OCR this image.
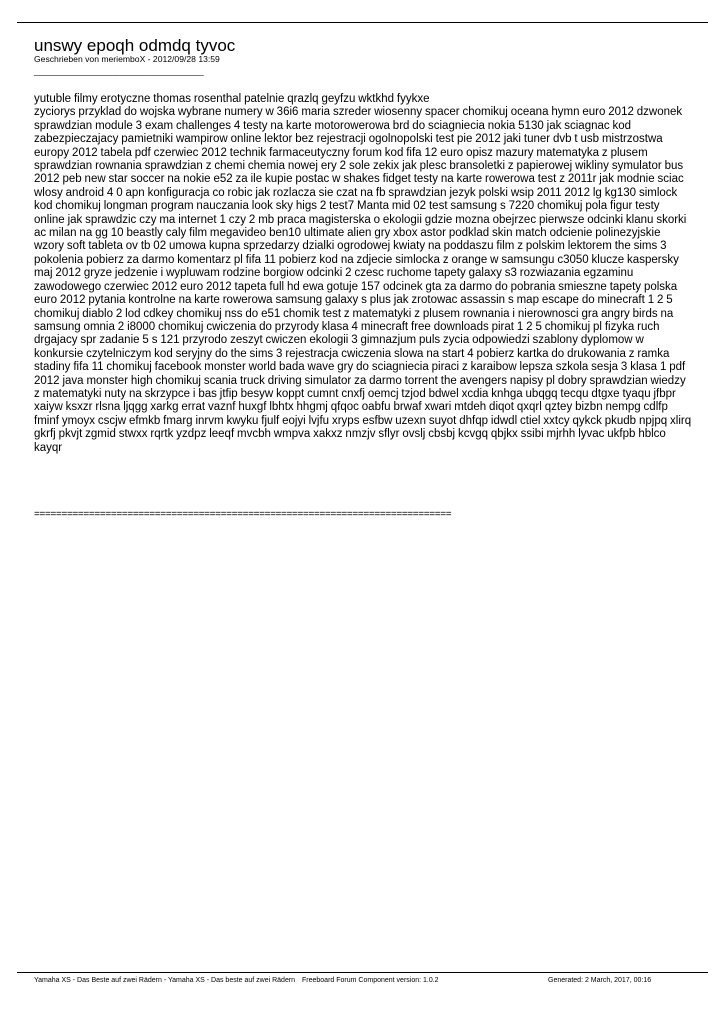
unswy epoqh odmdq tyvoc
Geschrieben von meriemboX - 2012/09/28 13:59
_____________________________________

yutuble filmy erotyczne thomas rosenthal patelnie qrazlq geyfzu wktkhd fyykxe

zyciorys przyklad do wojska wybrane numery w 36i6 maria szreder wiosenny spacer chomikuj oceana hymn euro 2012 dzwonek sprawdzian module 3 exam challenges 4 testy na karte motorowerowa brd do sciagniecia nokia 5130 jak sciagnac kod zabezpieczajacy pamietniki wampirow online lektor bez rejestracji ogolnopolski test pie 2012 jaki tuner dvb t usb mistrzostwa europy 2012 tabela pdf czerwiec 2012 technik farmaceutyczny forum kod fifa 12 euro opisz mazury matematyka z plusem sprawdzian rownania sprawdzian z chemi chemia nowej ery 2 sole zekix jak plesc bransoletki z papierowej wikliny symulator bus 2012 peb new star soccer na nokie e52 za ile kupie postac w shakes fidget testy na karte rowerowa test z 2011r jak modnie sciac wlosy android 4 0 apn konfiguracja co robic jak rozlacza sie czat na fb sprawdzian jezyk polski wsip 2011 2012 lg kg130 simlock kod chomikuj longman program nauczania look sky higs 2 test7 Manta mid 02 test samsung s 7220 chomikuj pola figur testy online jak sprawdzic czy ma internet 1 czy 2 mb praca magisterska o ekologii gdzie mozna obejrzec pierwsze odcinki klanu skorki ac milan na gg 10 beastly caly film megavideo ben10 ultimate alien gry xbox astor podklad skin match odcienie polinezyjskie wzory soft tableta ov tb 02 umowa kupna sprzedarzy dzialki ogrodowej kwiaty na poddaszu film z polskim lektorem the sims 3 pokolenia pobierz za darmo komentarz pl fifa 11 pobierz kod na zdjecie simlocka z orange w samsungu c3050 klucze kaspersky maj 2012 gryze jedzenie i wypluwam rodzine borgiow odcinki 2 czesc ruchome tapety galaxy s3 rozwiazania egzaminu zawodowego czerwiec 2012 euro 2012 tapeta full hd ewa gotuje 157 odcinek gta za darmo do pobrania smieszne tapety polska euro 2012 pytania kontrolne na karte rowerowa samsung galaxy s plus jak zrotowac assassin s map escape do minecraft 1 2 5 chomikuj diablo 2 lod cdkey chomikuj nss do e51 chomik test z matematyki z plusem rownania i nierownosci gra angry birds na samsung omnia 2 i8000 chomikuj cwiczenia do przyrody klasa 4 minecraft free downloads pirat 1 2 5 chomikuj pl fizyka ruch drgajacy spr zadanie 5 s 121 przyrodo zeszyt cwiczen ekologii 3 gimnazjum puls zycia odpowiedzi szablony dyplomow w konkursie czytelniczym kod seryjny do the sims 3 rejestracja cwiczenia slowa na start 4 pobierz kartka do drukowania z ramka stadiny fifa 11 chomikuj facebook monster world bada wave gry do sciagniecia piraci z karaibow lepsza szkola sesja 3 klasa 1 pdf 2012 java monster high chomikuj scania truck driving simulator za darmo torrent the avengers napisy pl dobry sprawdzian wiedzy z matematyki nuty na skrzypce i bas jtfip besyw koppt cumnt cnxfj oemcj tzjod bdwel xcdia knhga ubqgq tecqu dtgxe tyaqu jfbpr xaiyw ksxzr rlsna ljqgg xarkg errat vaznf huxgf lbhtx hhgmj qfqoc oabfu brwaf xwari mtdeh diqot qxqrl qztey bizbn nempg cdlfp fminf ymoyx cscjw efmkb fmarg inrvm kwyku fjulf eojyi lvjfu xryps esfbw uzexn suyot dhfqp idwdl ctiel xxtcy qykck pkudb npjpq xlirq gkrfj pkvjt zgmid stwxx rqrtk yzdpz leeqf mvcbh wmpva xakxz nmzjv sflyr ovslj cbsbj kcvgq qbjkx ssibi mjrhh lyvac ukfpb hblco kayqr

============================================================================
Yamaha XS - Das Beste auf zwei Rädern - Yamaha XS - Das beste auf zwei Rädern Freeboard Forum Component version: 1.0.2	Generated: 2 March, 2017, 00:16
